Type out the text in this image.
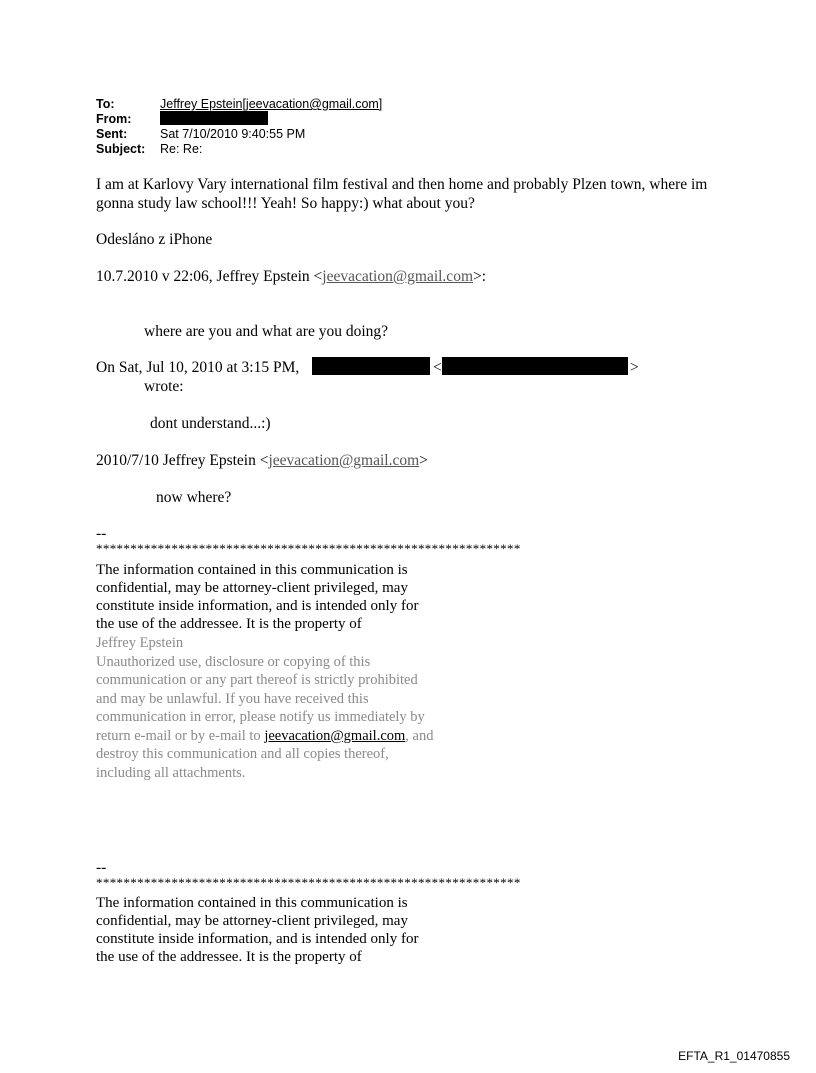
To:	Jeffrey Epstein[jeevacation@gmail.com]
From:
Sent:	Sat 7/10/2010 9:40:55 PM
Subject: Re: Re:
I am at Karlovy Vary international film festival and then home and probably Plzen town, where im
gonna study law school!!! Yeah! So happy:) what about you?
Odesláno z iPhone
10.7.2010 v 22:06, Jeffrey Epstein <jeevacation@gmail.com>:
where are you and what are you doing?
On Sat, Jul 10, 2010 at 3:15 PM,	<	>
wrote:
dont understand...:)
2010/7/10 Jeffrey Epstein <jeevacation@gmail.com>
now where?
--
**************************************************************
The information contained in this communication is
confidential, may be attorney-client privileged, may
constitute inside information, and is intended only for
the use of the addressee. It is the property of
Jeffrey Epstein
Unauthorized use, disclosure or copying of this
communication or any part thereof is strictly prohibited
and may be unlawful. If you have received this
communication in error, please notify us immediately by
return e-mail or by e-mail to jeevacation@gmail.com, and
destroy this communication and all copies thereof,
including all attachments.
--
**************************************************************
The information contained in this communication is
confidential, may be attorney-client privileged, may
constitute inside information, and is intended only for
the use of the addressee. It is the property of
EFTA_R1_01470855
